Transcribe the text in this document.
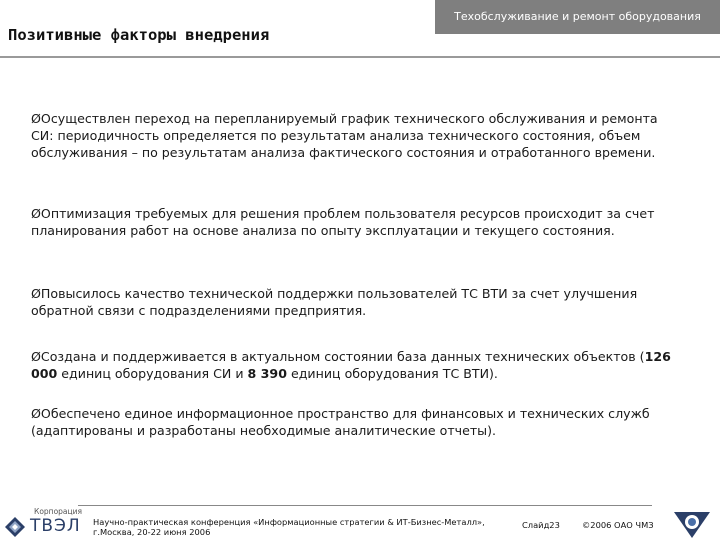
Техобслуживание и ремонт оборудования
Позитивные факторы внедрения

ØОсуществлен переход на перепланируемый график технического обслуживания и ремонта СИ: периодичность определяется по результатам анализа технического состояния, объем обслуживания – по результатам анализа фактического состояния и отработанного времени.

ØОптимизация требуемых для решения проблем пользователя ресурсов происходит за счет планирования работ на основе анализа по опыту эксплуатации и текущего состояния.

ØПовысилось качество технической поддержки пользователей ТС ВТИ за счет улучшения обратной связи с подразделениями предприятия.

ØСоздана и поддерживается в актуальном состоянии база данных технических объектов (126 000 единиц оборудования СИ и 8 390 единиц оборудования ТС ВТИ).

ØОбеспечено единое информационное пространство для финансовых и технических служб (адаптированы и разработаны необходимые аналитические отчеты).

Корпорация
ТВЭЛ Научно-практическая конференция «Информационные стратегии & ИТ-Бизнес-Металл»,
г.Москва, 20-22 июня 2006
Слайд23	©2006 ОАО ЧМЗ
